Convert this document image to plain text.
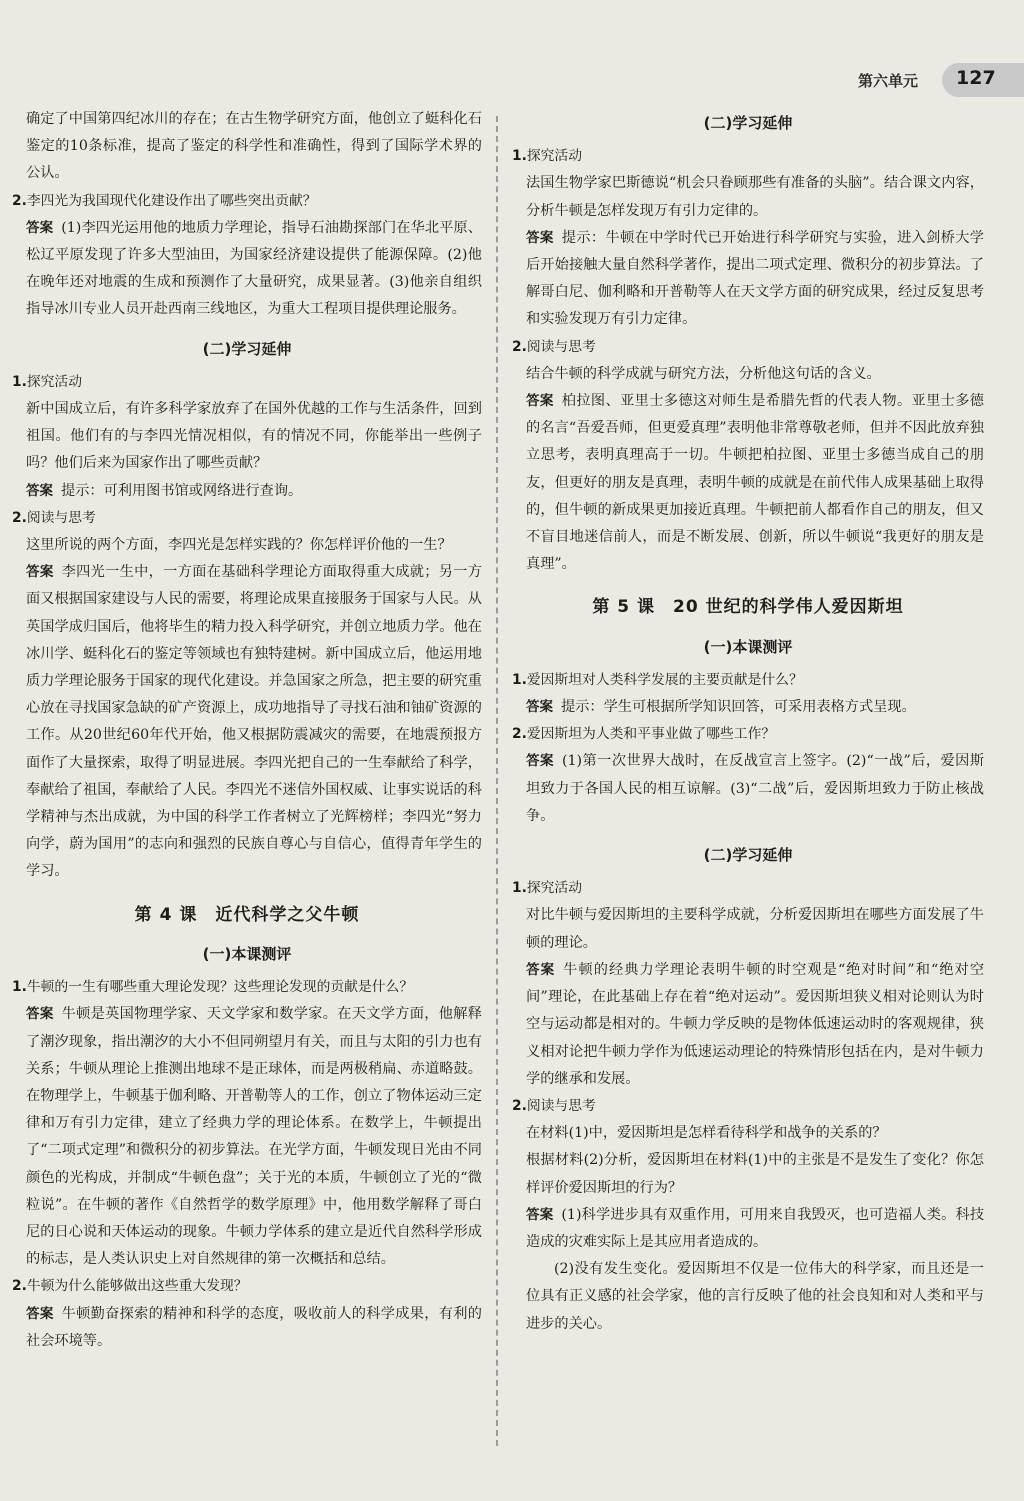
第六单元 127

确定了中国第四纪冰川的存在；在古生物学研究方面，他创立了蜓科化石鉴定的10条标准，提高了鉴定的科学性和准确性，得到了国际学术界的公认。

2.李四光为我国现代化建设作出了哪些突出贡献？

答案 (1)李四光运用他的地质力学理论，指导石油勘探部门在华北平原、松辽平原发现了许多大型油田，为国家经济建设提供了能源保障。(2)他在晚年还对地震的生成和预测作了大量研究，成果显著。(3)他亲自组织指导冰川专业人员开赴西南三线地区，为重大工程项目提供理论服务。

(二)学习延伸

1.探究活动

新中国成立后，有许多科学家放弃了在国外优越的工作与生活条件，回到祖国。他们有的与李四光情况相似，有的情况不同，你能举出一些例子吗？他们后来为国家作出了哪些贡献？

答案 提示：可利用图书馆或网络进行查询。

2.阅读与思考

这里所说的两个方面，李四光是怎样实践的？你怎样评价他的一生？

答案 李四光一生中，一方面在基础科学理论方面取得重大成就；另一方面又根据国家建设与人民的需要，将理论成果直接服务于国家与人民。从英国学成归国后，他将毕生的精力投入科学研究，并创立地质力学。他在冰川学、蜓科化石的鉴定等领域也有独特建树。新中国成立后，他运用地质力学理论服务于国家的现代化建设。并急国家之所急，把主要的研究重心放在寻找国家急缺的矿产资源上，成功地指导了寻找石油和铀矿资源的工作。从20世纪60年代开始，他又根据防震减灾的需要，在地震预报方面作了大量探索，取得了明显进展。李四光把自己的一生奉献给了科学，奉献给了祖国，奉献给了人民。李四光不迷信外国权威、让事实说话的科学精神与杰出成就，为中国的科学工作者树立了光辉榜样；李四光“努力向学，蔚为国用”的志向和强烈的民族自尊心与自信心，值得青年学生的学习。

第 4 课　近代科学之父牛顿
(一)本课测评

1.牛顿的一生有哪些重大理论发现？这些理论发现的贡献是什么？

答案 牛顿是英国物理学家、天文学家和数学家。在天文学方面，他解释了潮汐现象，指出潮汐的大小不但同朔望月有关，而且与太阳的引力也有关系；牛顿从理论上推测出地球不是正球体，而是两极稍扁、赤道略鼓。在物理学上，牛顿基于伽利略、开普勒等人的工作，创立了物体运动三定律和万有引力定律，建立了经典力学的理论体系。在数学上，牛顿提出了“二项式定理”和微积分的初步算法。在光学方面，牛顿发现日光由不同颜色的光构成，并制成“牛顿色盘”；关于光的本质，牛顿创立了光的“微粒说”。在牛顿的著作《自然哲学的数学原理》中，他用数学解释了哥白尼的日心说和天体运动的现象。牛顿力学体系的建立是近代自然科学形成的标志，是人类认识史上对自然规律的第一次概括和总结。

2.牛顿为什么能够做出这些重大发现？

答案 牛顿勤奋探索的精神和科学的态度，吸收前人的科学成果，有利的社会环境等。

(二)学习延伸

1.探究活动

法国生物学家巴斯德说“机会只眷顾那些有准备的头脑”。结合课文内容，分析牛顿是怎样发现万有引力定律的。

答案 提示：牛顿在中学时代已开始进行科学研究与实验，进入剑桥大学后开始接触大量自然科学著作，提出二项式定理、微积分的初步算法。了解哥白尼、伽利略和开普勒等人在天文学方面的研究成果，经过反复思考和实验发现万有引力定律。

2.阅读与思考

结合牛顿的科学成就与研究方法，分析他这句话的含义。

答案 柏拉图、亚里士多德这对师生是希腊先哲的代表人物。亚里士多德的名言“吾爱吾师，但更爱真理”表明他非常尊敬老师，但并不因此放弃独立思考，表明真理高于一切。牛顿把柏拉图、亚里士多德当成自己的朋友，但更好的朋友是真理，表明牛顿的成就是在前代伟人成果基础上取得的，但牛顿的新成果更加接近真理。牛顿把前人都看作自己的朋友，但又不盲目地迷信前人，而是不断发展、创新，所以牛顿说“我更好的朋友是真理”。

第 5 课　20 世纪的科学伟人爱因斯坦
(一)本课测评

1.爱因斯坦对人类科学发展的主要贡献是什么？

答案 提示：学生可根据所学知识回答，可采用表格方式呈现。

2.爱因斯坦为人类和平事业做了哪些工作？

答案 (1)第一次世界大战时，在反战宣言上签字。(2)“一战”后，爱因斯坦致力于各国人民的相互谅解。(3)“二战”后，爱因斯坦致力于防止核战争。

(二)学习延伸

1.探究活动

对比牛顿与爱因斯坦的主要科学成就，分析爱因斯坦在哪些方面发展了牛顿的理论。

答案 牛顿的经典力学理论表明牛顿的时空观是“绝对时间”和“绝对空间”理论，在此基础上存在着“绝对运动”。爱因斯坦狭义相对论则认为时空与运动都是相对的。牛顿力学反映的是物体低速运动时的客观规律，狭义相对论把牛顿力学作为低速运动理论的特殊情形包括在内，是对牛顿力学的继承和发展。

2.阅读与思考

在材料(1)中，爱因斯坦是怎样看待科学和战争的关系的？

根据材料(2)分析，爱因斯坦在材料(1)中的主张是不是发生了变化？你怎样评价爱因斯坦的行为？

答案 (1)科学进步具有双重作用，可用来自我毁灭，也可造福人类。科技造成的灾难实际上是其应用者造成的。

(2)没有发生变化。爱因斯坦不仅是一位伟大的科学家，而且还是一位具有正义感的社会学家，他的言行反映了他的社会良知和对人类和平与进步的关心。
